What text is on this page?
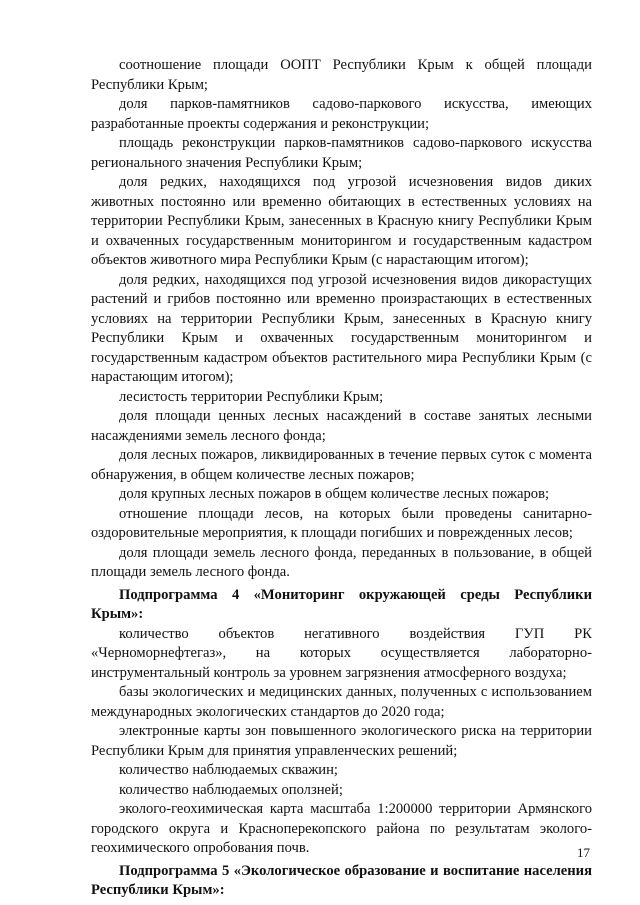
соотношение площади ООПТ Республики Крым к общей площади Республики Крым;

доля парков-памятников садово-паркового искусства, имеющих разработанные проекты содержания и реконструкции;

площадь реконструкции парков-памятников садово-паркового искусства регионального значения Республики Крым;

доля редких, находящихся под угрозой исчезновения видов диких животных постоянно или временно обитающих в естественных условиях на территории Республики Крым, занесенных в Красную книгу Республики Крым и охваченных государственным мониторингом и государственным кадастром объектов животного мира Республики Крым (с нарастающим итогом);

доля редких, находящихся под угрозой исчезновения видов дикорастущих растений и грибов постоянно или временно произрастающих в естественных условиях на территории Республики Крым, занесенных в Красную книгу Республики Крым и охваченных государственным мониторингом и государственным кадастром объектов растительного мира Республики Крым (с нарастающим итогом);

лесистость территории Республики Крым;

доля площади ценных лесных насаждений в составе занятых лесными насаждениями земель лесного фонда;

доля лесных пожаров, ликвидированных в течение первых суток с момента обнаружения, в общем количестве лесных пожаров;

доля крупных лесных пожаров в общем количестве лесных пожаров;

отношение площади лесов, на которых были проведены санитарно-оздоровительные мероприятия, к площади погибших и поврежденных лесов;

доля площади земель лесного фонда, переданных в пользование, в общей площади земель лесного фонда.

Подпрограмма 4 «Мониторинг окружающей среды Республики Крым»:

количество объектов негативного воздействия ГУП РК «Черноморнефтегаз», на которых осуществляется лабораторно-инструментальный контроль за уровнем загрязнения атмосферного воздуха;

базы экологических и медицинских данных, полученных с использованием международных экологических стандартов до 2020 года;

электронные карты зон повышенного экологического риска на территории Республики Крым для принятия управленческих решений;

количество наблюдаемых скважин;

количество наблюдаемых оползней;

эколого-геохимическая карта масштаба 1:200000 территории Армянского городского округа и Красноперекопского района по результатам эколого-геохимического опробования почв.

Подпрограмма 5 «Экологическое образование и воспитание населения Республики Крым»:

17
